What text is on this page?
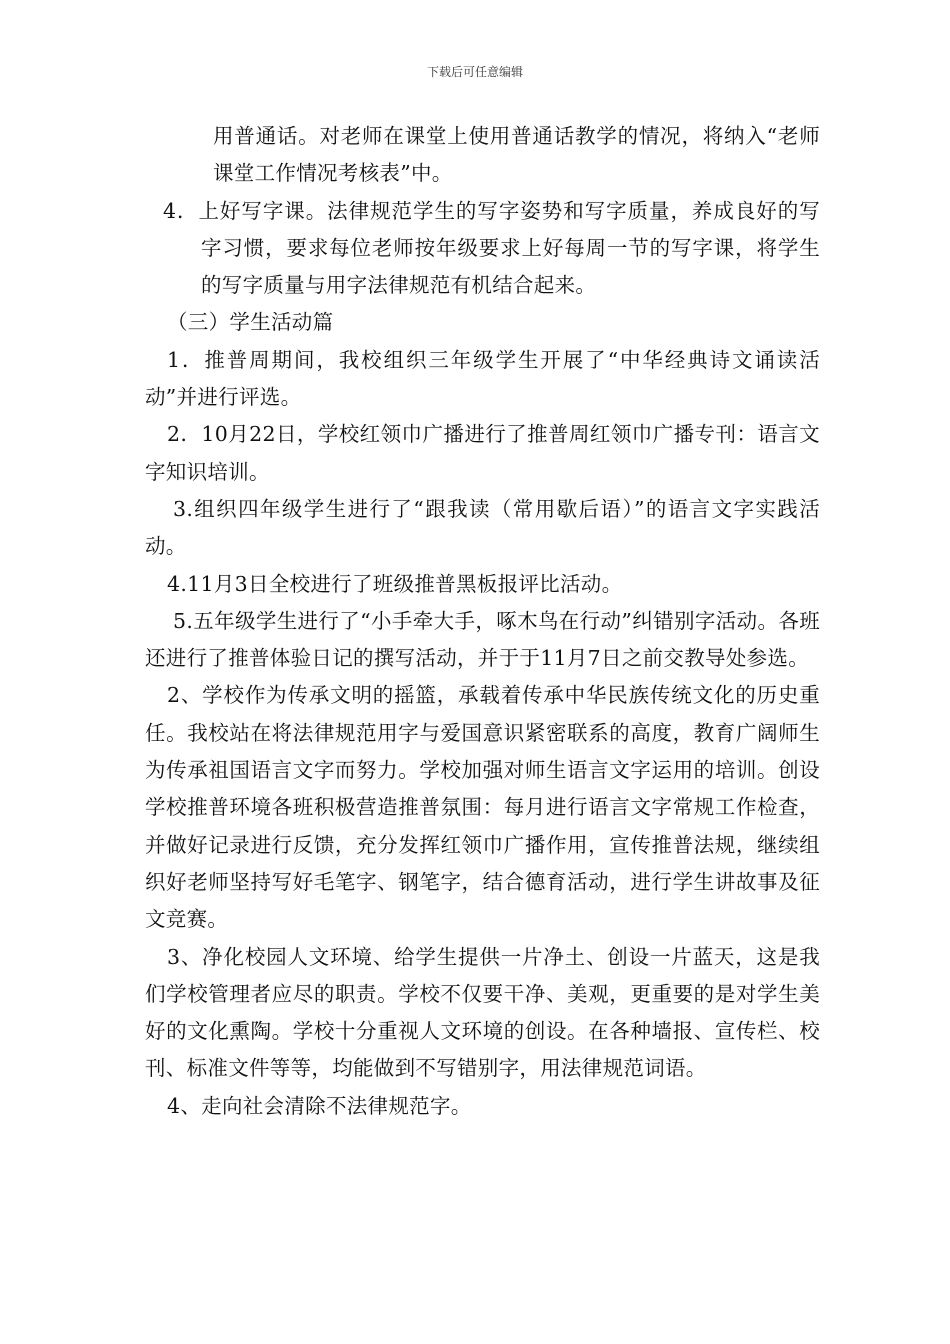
下载后可任意编辑

用普通话。对老师在课堂上使用普通话教学的情况，将纳入“老师课堂工作情况考核表”中。

4．上好写字课。法律规范学生的写字姿势和写字质量，养成良好的写字习惯，要求每位老师按年级要求上好每周一节的写字课，将学生的写字质量与用字法律规范有机结合起来。

（三）学生活动篇

1．推普周期间，我校组织三年级学生开展了“中华经典诗文诵读活动”并进行评选。

2．10月22日，学校红领巾广播进行了推普周红领巾广播专刊：语言文字知识培训。

3.组织四年级学生进行了“跟我读（常用歇后语）”的语言文字实践活动。

4.11月3日全校进行了班级推普黑板报评比活动。

5.五年级学生进行了“小手牵大手，啄木鸟在行动”纠错别字活动。各班还进行了推普体验日记的撰写活动，并于于11月7日之前交教导处参选。

2、学校作为传承文明的摇篮，承载着传承中华民族传统文化的历史重任。我校站在将法律规范用字与爱国意识紧密联系的高度，教育广阔师生为传承祖国语言文字而努力。学校加强对师生语言文字运用的培训。创设学校推普环境各班积极营造推普氛围：每月进行语言文字常规工作检查，并做好记录进行反馈，充分发挥红领巾广播作用，宣传推普法规，继续组织好老师坚持写好毛笔字、钢笔字，结合德育活动，进行学生讲故事及征文竞赛。

3、净化校园人文环境、给学生提供一片净土、创设一片蓝天，这是我们学校管理者应尽的职责。学校不仅要干净、美观，更重要的是对学生美好的文化熏陶。学校十分重视人文环境的创设。在各种墙报、宣传栏、校刊、标准文件等等，均能做到不写错别字，用法律规范词语。

4、走向社会清除不法律规范字。
